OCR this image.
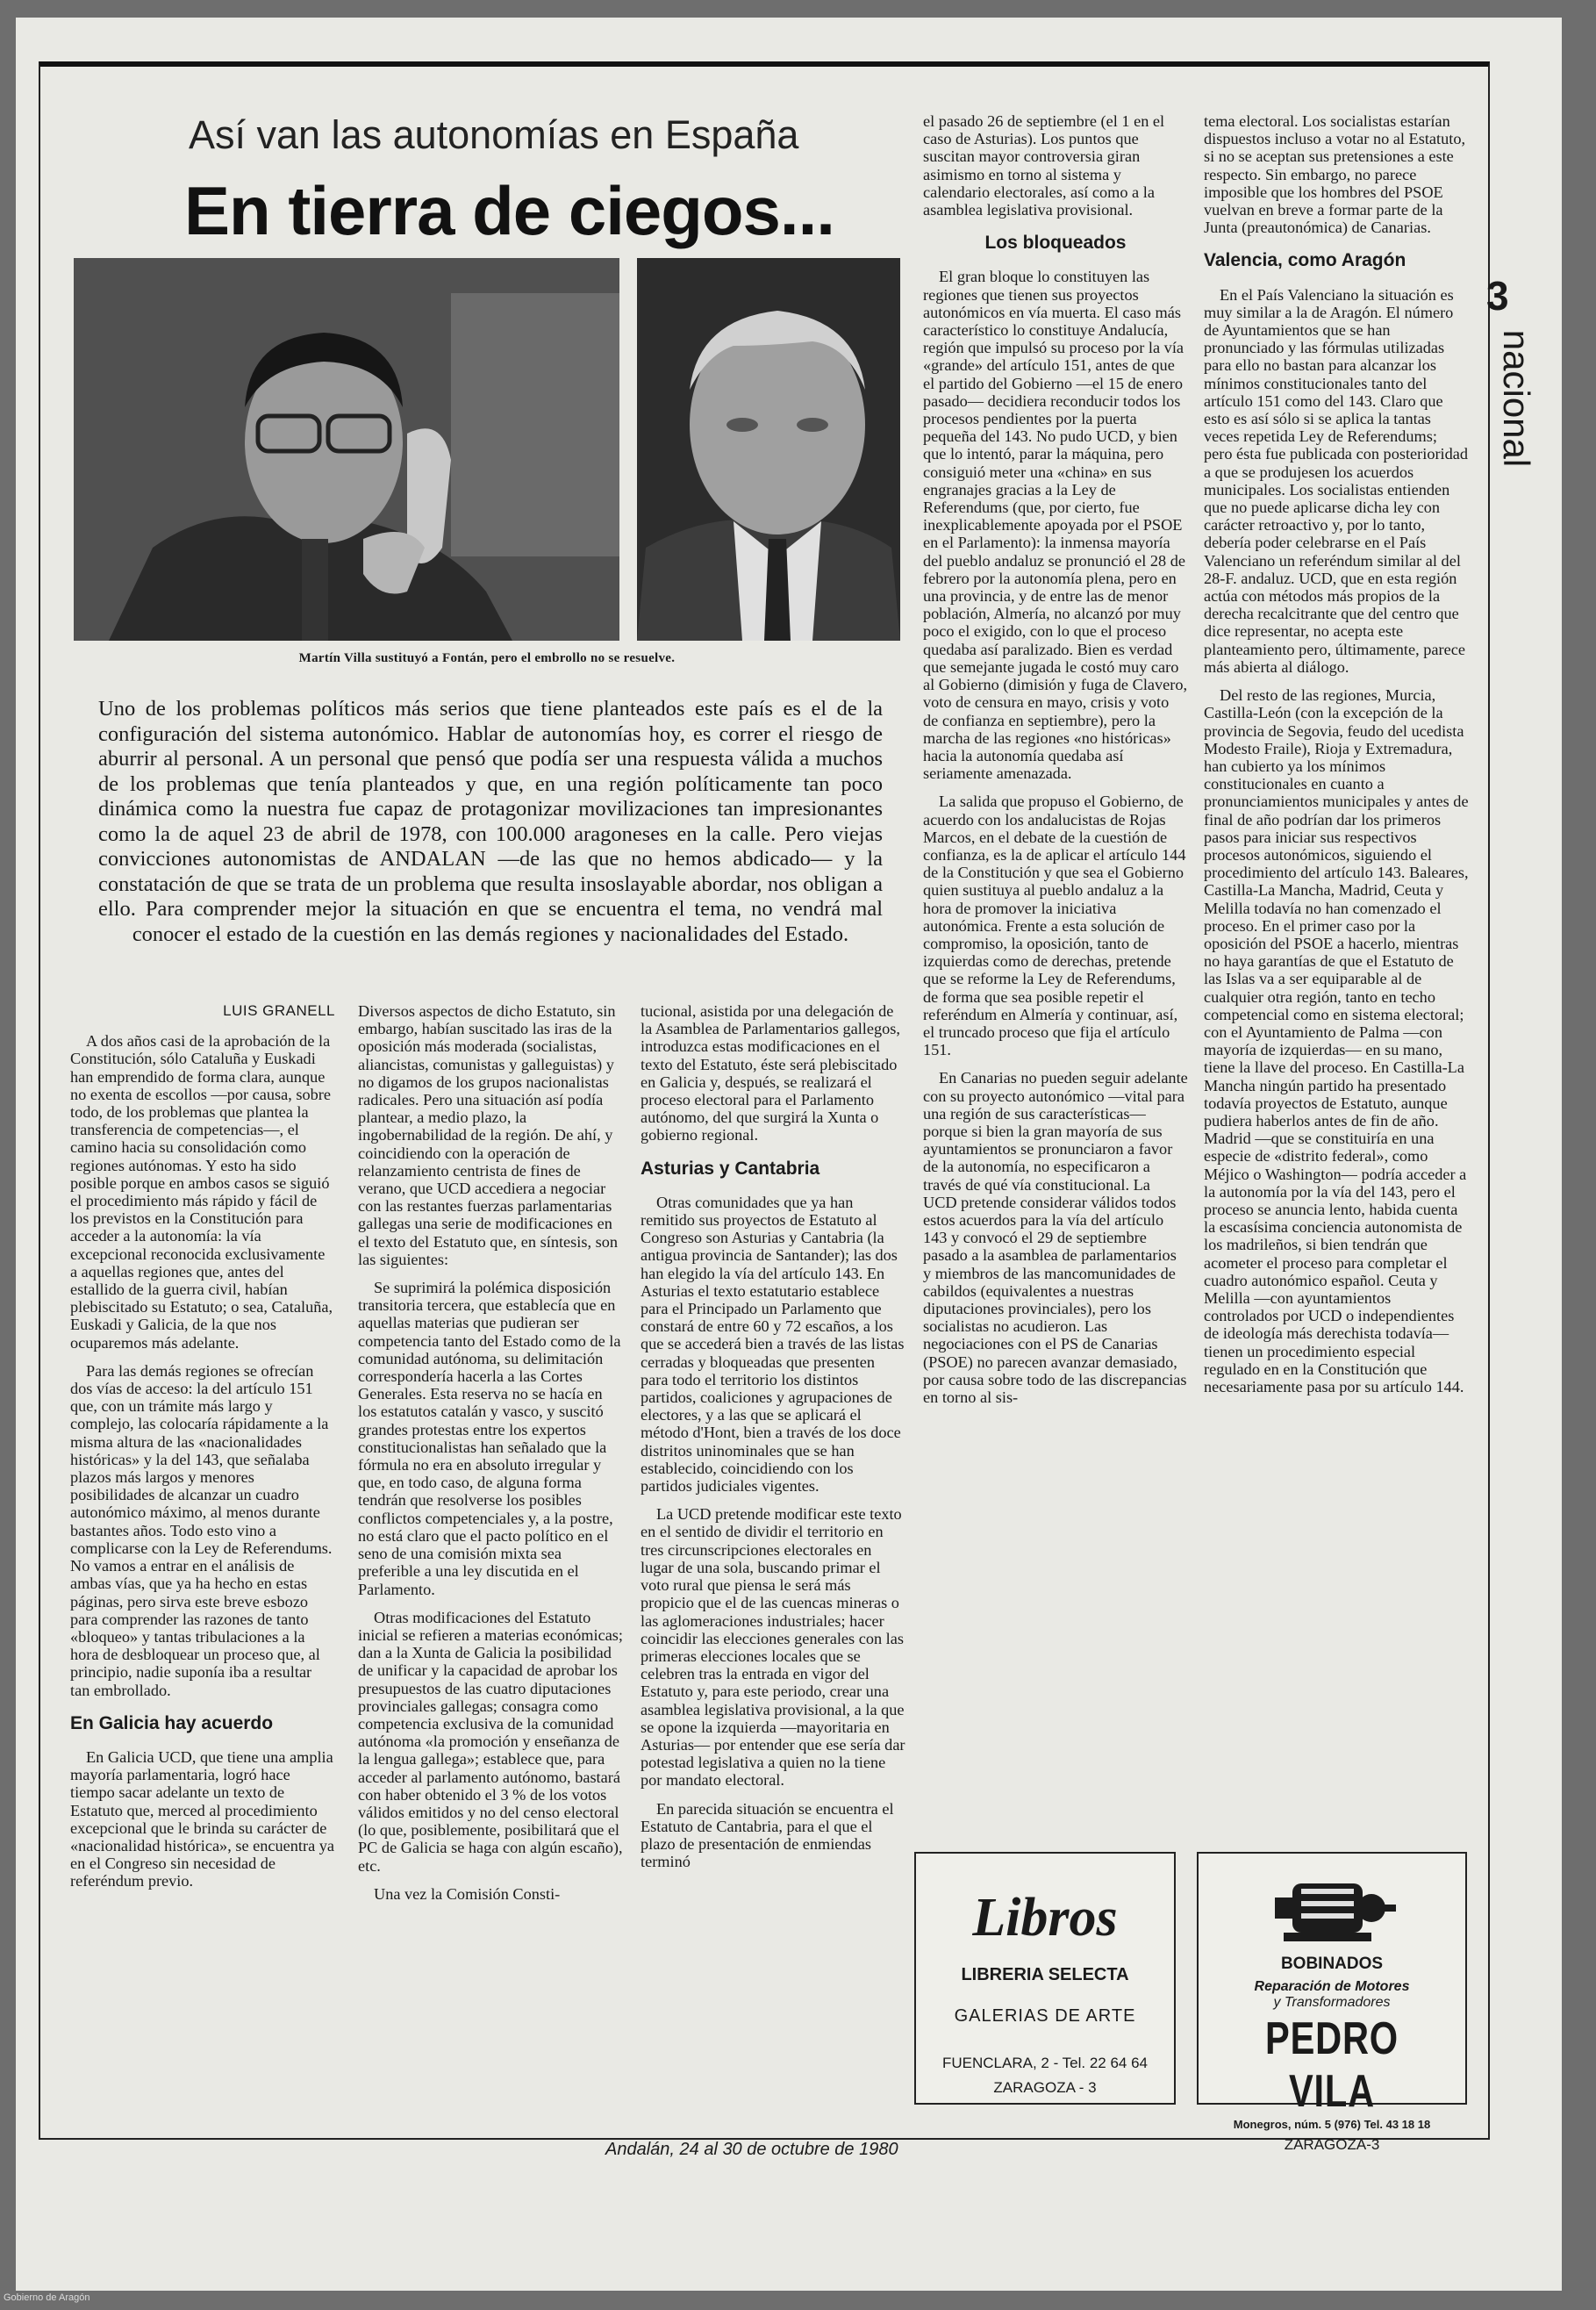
3
nacional
Así van las autonomías en España
En tierra de ciegos...
Martín Villa sustituyó a Fontán, pero el embrollo no se resuelve.
Uno de los problemas políticos más serios que tiene planteados este país es el de la configuración del sistema autonómico. Hablar de autonomías hoy, es correr el riesgo de aburrir al personal. A un personal que pensó que podía ser una respuesta válida a muchos de los problemas que tenía planteados y que, en una región políticamente tan poco dinámica como la nuestra fue capaz de protagonizar movilizaciones tan impresionantes como la de aquel 23 de abril de 1978, con 100.000 aragoneses en la calle. Pero viejas convicciones autonomistas de ANDALAN —de las que no hemos abdicado— y la constatación de que se trata de un problema que resulta insoslayable abordar, nos obligan a ello. Para comprender mejor la situación en que se encuentra el tema, no vendrá mal conocer el estado de la cuestión en las demás regiones y nacionalidades del Estado.
LUIS GRANELL

A dos años casi de la aprobación de la Constitución, sólo Cataluña y Euskadi han emprendido de forma clara, aunque no exenta de escollos —por causa, sobre todo, de los problemas que plantea la transferencia de competencias—, el camino hacia su consolidación como regiones autónomas. Y esto ha sido posible porque en ambos casos se siguió el procedimiento más rápido y fácil de los previstos en la Constitución para acceder a la autonomía: la vía excepcional reconocida exclusivamente a aquellas regiones que, antes del estallido de la guerra civil, habían plebiscitado su Estatuto; o sea, Cataluña, Euskadi y Galicia, de la que nos ocuparemos más adelante.

Para las demás regiones se ofrecían dos vías de acceso: la del artículo 151 que, con un trámite más largo y complejo, las colocaría rápidamente a la misma altura de las «nacionalidades históricas» y la del 143, que señalaba plazos más largos y menores posibilidades de alcanzar un cuadro autonómico máximo, al menos durante bastantes años. Todo esto vino a complicarse con la Ley de Referendums. No vamos a entrar en el análisis de ambas vías, que ya ha hecho en estas páginas, pero sirva este breve esbozo para comprender las razones de tanto «bloqueo» y tantas tribulaciones a la hora de desbloquear un proceso que, al principio, nadie suponía iba a resultar tan embrollado.

En Galicia hay acuerdo

En Galicia UCD, que tiene una amplia mayoría parlamentaria, logró hace tiempo sacar adelante un texto de Estatuto que, merced al procedimiento excepcional que le brinda su carácter de «nacionalidad histórica», se encuentra ya en el Congreso sin necesidad de referéndum previo.

Diversos aspectos de dicho Estatuto, sin embargo, habían suscitado las iras de la oposición más moderada (socialistas, aliancistas, comunistas y galleguistas) y no digamos de los grupos nacionalistas radicales. Pero una situación así podía plantear, a medio plazo, la ingobernabilidad de la región. De ahí, y coincidiendo con la operación de relanzamiento centrista de fines de verano, que UCD accediera a negociar con las restantes fuerzas parlamentarias gallegas una serie de modificaciones en el texto del Estatuto que, en síntesis, son las siguientes:

Se suprimirá la polémica disposición transitoria tercera, que establecía que en aquellas materias que pudieran ser competencia tanto del Estado como de la comunidad autónoma, su delimitación correspondería hacerla a las Cortes Generales. Esta reserva no se hacía en los estatutos catalán y vasco, y suscitó grandes protestas entre los expertos constitucionalistas han señalado que la fórmula no era en absoluto irregular y que, en todo caso, de alguna forma tendrán que resolverse los posibles conflictos competenciales y, a la postre, no está claro que el pacto político en el seno de una comisión mixta sea preferible a una ley discutida en el Parlamento.

Otras modificaciones del Estatuto inicial se refieren a materias económicas; dan a la Xunta de Galicia la posibilidad de unificar y la capacidad de aprobar los presupuestos de las cuatro diputaciones provinciales gallegas; consagra como competencia exclusiva de la comunidad autónoma «la promoción y enseñanza de la lengua gallega»; establece que, para acceder al parlamento autónomo, bastará con haber obtenido el 3 % de los votos válidos emitidos y no del censo electoral (lo que, posiblemente, posibilitará que el PC de Galicia se haga con algún escaño), etc.

Una vez la Comisión Consti-

tucional, asistida por una delegación de la Asamblea de Parlamentarios gallegos, introduzca estas modificaciones en el texto del Estatuto, éste será plebiscitado en Galicia y, después, se realizará el proceso electoral para el Parlamento autónomo, del que surgirá la Xunta o gobierno regional.

Asturias y Cantabria

Otras comunidades que ya han remitido sus proyectos de Estatuto al Congreso son Asturias y Cantabria (la antigua provincia de Santander); las dos han elegido la vía del artículo 143. En Asturias el texto estatutario establece para el Principado un Parlamento que constará de entre 60 y 72 escaños, a los que se accederá bien a través de las listas cerradas y bloqueadas que presenten para todo el territorio los distintos partidos, coaliciones y agrupaciones de electores, y a las que se aplicará el método d'Hont, bien a través de los doce distritos uninominales que se han establecido, coincidiendo con los partidos judiciales vigentes.

La UCD pretende modificar este texto en el sentido de dividir el territorio en tres circunscripciones electorales en lugar de una sola, buscando primar el voto rural que piensa le será más propicio que el de las cuencas mineras o las aglomeraciones industriales; hacer coincidir las elecciones generales con las primeras elecciones locales que se celebren tras la entrada en vigor del Estatuto y, para este periodo, crear una asamblea legislativa provisional, a la que se opone la izquierda —mayoritaria en Asturias— por entender que ese sería dar potestad legislativa a quien no la tiene por mandato electoral.

En parecida situación se encuentra el Estatuto de Cantabria, para el que el plazo de presentación de enmiendas terminó

el pasado 26 de septiembre (el 1 en el caso de Asturias). Los puntos que suscitan mayor controversia giran asimismo en torno al sistema y calendario electorales, así como a la asamblea legislativa provisional.

Los bloqueados

El gran bloque lo constituyen las regiones que tienen sus proyectos autonómicos en vía muerta. El caso más característico lo constituye Andalucía, región que impulsó su proceso por la vía «grande» del artículo 151, antes de que el partido del Gobierno —el 15 de enero pasado— decidiera reconducir todos los procesos pendientes por la puerta pequeña del 143. No pudo UCD, y bien que lo intentó, parar la máquina, pero consiguió meter una «china» en sus engranajes gracias a la Ley de Referendums (que, por cierto, fue inexplicablemente apoyada por el PSOE en el Parlamento): la inmensa mayoría del pueblo andaluz se pronunció el 28 de febrero por la autonomía plena, pero en una provincia, y de entre las de menor población, Almería, no alcanzó por muy poco el exigido, con lo que el proceso quedaba así paralizado. Bien es verdad que semejante jugada le costó muy caro al Gobierno (dimisión y fuga de Clavero, voto de censura en mayo, crisis y voto de confianza en septiembre), pero la marcha de las regiones «no históricas» hacia la autonomía quedaba así seriamente amenazada.

La salida que propuso el Gobierno, de acuerdo con los andalucistas de Rojas Marcos, en el debate de la cuestión de confianza, es la de aplicar el artículo 144 de la Constitución y que sea el Gobierno quien sustituya al pueblo andaluz a la hora de promover la iniciativa autonómica. Frente a esta solución de compromiso, la oposición, tanto de izquierdas como de derechas, pretende que se reforme la Ley de Referendums, de forma que sea posible repetir el referéndum en Almería y continuar, así, el truncado proceso que fija el artículo 151.

En Canarias no pueden seguir adelante con su proyecto autonómico —vital para una región de sus características— porque si bien la gran mayoría de sus ayuntamientos se pronunciaron a favor de la autonomía, no especificaron a través de qué vía constitucional. La UCD pretende considerar válidos todos estos acuerdos para la vía del artículo 143 y convocó el 29 de septiembre pasado a la asamblea de parlamentarios y miembros de las mancomunidades de cabildos (equivalentes a nuestras diputaciones provinciales), pero los socialistas no acudieron. Las negociaciones con el PS de Canarias (PSOE) no parecen avanzar demasiado, por causa sobre todo de las discrepancias en torno al sis-

tema electoral. Los socialistas estarían dispuestos incluso a votar no al Estatuto, si no se aceptan sus pretensiones a este respecto. Sin embargo, no parece imposible que los hombres del PSOE vuelvan en breve a formar parte de la Junta (preautonómica) de Canarias.

Valencia, como Aragón

En el País Valenciano la situación es muy similar a la de Aragón. El número de Ayuntamientos que se han pronunciado y las fórmulas utilizadas para ello no bastan para alcanzar los mínimos constitucionales tanto del artículo 151 como del 143. Claro que esto es así sólo si se aplica la tantas veces repetida Ley de Referendums; pero ésta fue publicada con posterioridad a que se produjesen los acuerdos municipales. Los socialistas entienden que no puede aplicarse dicha ley con carácter retroactivo y, por lo tanto, debería poder celebrarse en el País Valenciano un referéndum similar al del 28-F. andaluz. UCD, que en esta región actúa con métodos más propios de la derecha recalcitrante que del centro que dice representar, no acepta este planteamiento pero, últimamente, parece más abierta al diálogo.

Del resto de las regiones, Murcia, Castilla-León (con la excepción de la provincia de Segovia, feudo del ucedista Modesto Fraile), Rioja y Extremadura, han cubierto ya los mínimos constitucionales en cuanto a pronunciamientos municipales y antes de final de año podrían dar los primeros pasos para iniciar sus respectivos procesos autonómicos, siguiendo el procedimiento del artículo 143. Baleares, Castilla-La Mancha, Madrid, Ceuta y Melilla todavía no han comenzado el proceso. En el primer caso por la oposición del PSOE a hacerlo, mientras no haya garantías de que el Estatuto de las Islas va a ser equiparable al de cualquier otra región, tanto en techo competencial como en sistema electoral; con el Ayuntamiento de Palma —con mayoría de izquierdas— en su mano, tiene la llave del proceso. En Castilla-La Mancha ningún partido ha presentado todavía proyectos de Estatuto, aunque pudiera haberlos antes de fin de año. Madrid —que se constituiría en una especie de «distrito federal», como Méjico o Washington— podría acceder a la autonomía por la vía del 143, pero el proceso se anuncia lento, habida cuenta la escasísima conciencia autonomista de los madrileños, si bien tendrán que acometer el proceso para completar el cuadro autonómico español. Ceuta y Melilla —con ayuntamientos controlados por UCD o independientes de ideología más derechista todavía— tienen un procedimiento especial regulado en en la Constitución que necesariamente pasa por su artículo 144.

Libros
LIBRERIA SELECTA
GALERIAS DE ARTE
FUENCLARA, 2 - Tel. 22 64 64
ZARAGOZA - 3
BOBINADOS
Reparación de Motores
y Transformadores
PEDRO VILA
Monegros, núm. 5 (976) Tel. 43 18 18
ZARAGOZA-3
Andalán, 24 al 30 de octubre de 1980
Gobierno de Aragón
